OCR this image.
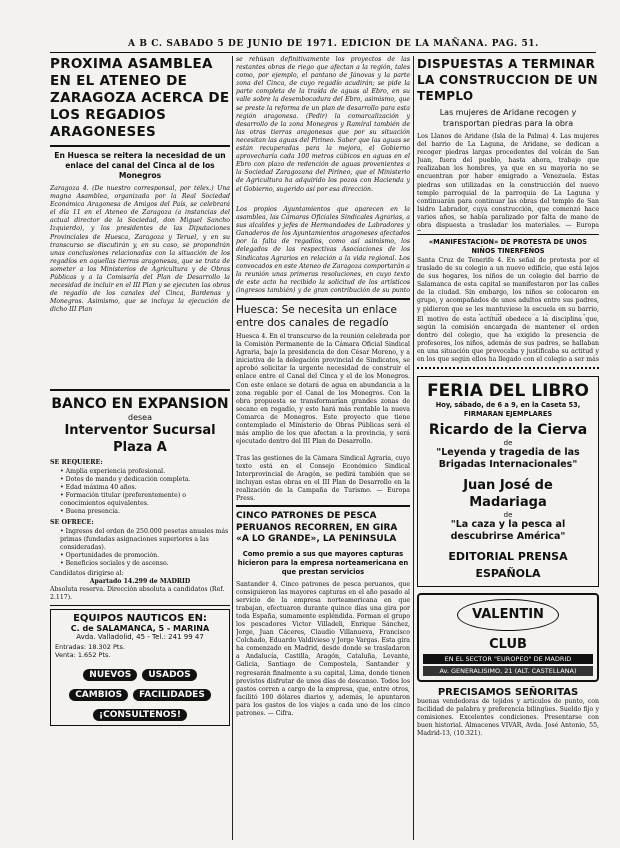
A B C. SABADO 5 DE JUNIO DE 1971. EDICION DE LA MAÑANA. PAG. 51.
PROXIMA ASAMBLEA EN EL ATENEO DE ZARAGOZA ACERCA DE LOS REGADIOS ARAGONESES

En Huesca se reitera la necesidad de un enlace del canal del Cinca al de los Monegros

Zaragoza 4. (De nuestro corresponsal, por télex.) Una magna Asamblea, organizada por la Real Sociedad Económica Aragonesa de Amigos del País, se celebrará el día 11 en el Ateneo de Zaragoza (a instancias del actual director de la Sociedad, don Miguel Sancho Izquierdo), y los presidentes de las Diputaciones Provinciales de Huesca, Zaragoza y Teruel, y en su transcurso se discutirán y, en su caso, se propondrán unas conclusiones relacionadas con la situación de los regadíos en aquellas tierras aragonesas, que se trata de someter a los Ministerios de Agricultura y de Obras Públicas y a la Comisaría del Plan de Desarrollo la necesidad de incluir en el III Plan y se ejecuten las obras de regadío de los canales del Cinca, Bardenas y Monegros. Asimismo, que se incluya la ejecución de dicho III Plan

BANCO EN EXPANSION
desea
Interventor Sucursal
Plaza A
SE REQUIERE:
• Amplia experiencia profesional.
• Dotes de mando y dedicación completa.
• Edad máxima 40 años.
• Formación titular (preferentemente) o conocimientos equivalentes.
• Buena presencia.
SE OFRECE:
• Ingresos del orden de 250.000 pesetas anuales más primas (fundadas asignaciones superiores a las consideradas).
• Oportunidades de promoción.
• Beneficios sociales y de ascenso.
Candidatos dirigirse al:
Apartado 14.299 de MADRID
Absoluta reserva. Dirección absoluta a candidatos (Ref. 2.117).
EQUIPOS NAUTICOS EN:
C. de SALAMANCA, 5 - MARINA
Avda. Valladolid, 45 - Tel.: 241 99 47
Entradas: 18.302 Pts.
Venta: 1.652 Pts.
NUEVOS USADOS
CAMBIOS FACILIDADES
¡CONSULTENOS!

se rehúsan definitivamente los proyectos de las restantes obras de riego que afectan a la región, tales como, por ejemplo, el pantano de Jánovas y la parte zona del Cinca, de cuyo regadío acudirán; se pide la parte completa de la traída de aguas al Ebro, en su valle sobre la desembocadura del Ebro, asimismo, que se preste la reforma de un plan de desarrollo para esta región aragonesa. (Pedir) la comarcalización y desarrollo de la zona Monegros y Ramíral también de las otras tierras aragonesas que por su situación necesitan las aguas del Pirineo. Saber que las aguas se están recuperadas para la mejora, el Gobierno aprovecharía cada 100 metros cúbicos en aguas en el Ebro con plazo de redención de aguas provenientes a la Sociedad Zaragozana del Pirineo, que el Ministerio de Agricultura ha adquirido los pozos con Hacienda y el Gobierno, sugerido así por esa dirección.

Los propios Ayuntamientos que aparecen en la asamblea, las Cámaras Oficiales Sindicales Agrarias, a sus alcaldes y jefes de Hermandades de Labradores y Ganaderos de los Ayuntamientos aragoneses afectados por la falta de regadíos, como así asimismo, los delegados de las respectivas Asociaciones de los Sindicatos Agrarios en relación a la vida regional. Los convocados en este Ateneo de Zaragoza comportarán a la reunión unas primeras resoluciones, en cuyo texto de este acto ha recibido la solicitud de los artísticos (ingresos también) y de gran contribución de su punto

Huesca: Se necesita un enlace entre dos canales de regadío

Huesca 4. En el transcurso de la reunión celebrada por la Comisión Permanente de la Cámara Oficial Sindical Agraria, bajo la presidencia de don César Moreno, y a iniciativa de la delegación provincial de Sindicatos, se aprobó solicitar la urgente necesidad de construir el enlace entre el Canal del Cinca y el de los Monegros. Con este enlace se dotará de agua en abundancia a la zona regable por el Canal de los Monegros. Con la obra propuesta se transformarían grandes zonas de secano en regadío, y esto hará más rentable la nueva Comarca de Monegros. Este proyecto que tiene contemplado el Ministerio de Obras Públicas será el más amplio de los que afectan a la provincia, y será ejecutado dentro del III Plan de Desarrollo.

Tras las gestiones de la Cámara Sindical Agraria, cuyo texto está en el Consejo Económico Sindical Interprovincial de Aragón, se pedirá también que se incluyan estas obras en el III Plan de Desarrollo en la realización de la Campaña de Turismo. — Europa Press.

CINCO PATRONES DE PESCA PERUANOS RECORREN, EN GIRA «A LO GRANDE», LA PENINSULA

Como premio a sus que mayores capturas hicieron para la empresa norteamericana en que prestan servicios

Santander 4. Cinco patrones de pesca peruanos, que consiguieron las mayores capturas en el año pasado al servicio de la empresa norteamericana en que trabajan, efectuaron durante quince días una gira por toda España, sumamente espléndida. Forman el grupo los pescadores Victor Villadeli, Enrique Sánchez, Jorge, Juan Cáceres, Claudio Villanueva, Francisco Colchado, Eduardo Valdivieso y Jorge Vargas. Esta gira ha comenzado en Madrid, desde donde se trasladaron a Andalucía, Castilla, Aragón, Cataluña, Levante, Galicia, Santiago de Compostela, Santander y regresarán finalmente a su capital, Lima, donde tienen previstos disfrutar de unos días de descanso. Todos los gastos corren a cargo de la empresa, que, entre otros, facilitó 100 dólares diarios y, además, le apuntaron para los gastos de los viajes a cada uno de los cinco patrones. — Cifra.

DISPUESTAS A TERMINAR LA CONSTRUCCION DE UN TEMPLO

Las mujeres de Aridane recogen y transportan piedras para la obra

Los Llanos de Aridane (Isla de la Palma) 4. Las mujeres del barrio de La Laguna, de Aridane, se dedican a recoger piedras largas procedentes del volcán de San Juan, fuera del pueblo, hasta ahora, trabajo que realizaban los hombres, ya que en su mayoría no se encuentran por haber emigrado a Venezuela. Estas piedras son utilizadas en la construcción del nuevo templo parroquial de la parroquia de La Laguna y continuarán para continuar las obras del templo de San Isidro Labrador, cuya construcción, que comenzó hace varios años, se había paralizado por falta de mano de obra dispuesta a trasladar los materiales. — Europa

«MANIFESTACION» DE PROTESTA DE UNOS NIÑOS TINERFEÑOS

Santa Cruz de Tenerife 4. En señal de protesta por el traslado de su colegio a un nuevo edificio, que está lejos de sus hogares, los niños de un colegio del barrio de Salamanca de esta capital se manifestaron por las calles de la ciudad. Sin embargo, los niños se colocaron en grupo, y acompañados de unos adultos entre sus padres, y pidieron que se les mantuviese la escuela en su barrio,

El motivo de esta actitud obedece a la disciplina que, según la comisión encargada de mantener el orden dentro del colegio, que ha exigido la presencia de profesores, los niños, además de sus padres, se hallaban en una situación que provocaba y justificaba su actitud y en los que según ellos ha llegado con el colegio a ser más

FERIA DEL LIBRO
Hoy, sábado, de 6 a 9, en la Caseta 53, FIRMARAN EJEMPLARES
Ricardo de la Cierva
de
"Leyenda y tragedia de las Brigadas Internacionales"
Juan José de Madariaga
de
"La caza y la pesca al descubrirse América"
EDITORIAL PRENSA ESPAÑOLA
VALENTIN CLUB
EN EL SECTOR "EUROPEO" DE MADRID
Av. GENERALISIMO, 21 (ALT. CASTELLANA)
PRECISAMOS SEÑORITAS

buenas vendedoras de tejidos y artículos de punto, con facilidad de palabra y preferencia bilingües. Sueldo fijo y comisiones. Excelentes condiciones. Presentarse con buen historial. Almacenes VIVAR, Avda. José Antonio, 55, Madrid-13, (10.321).
